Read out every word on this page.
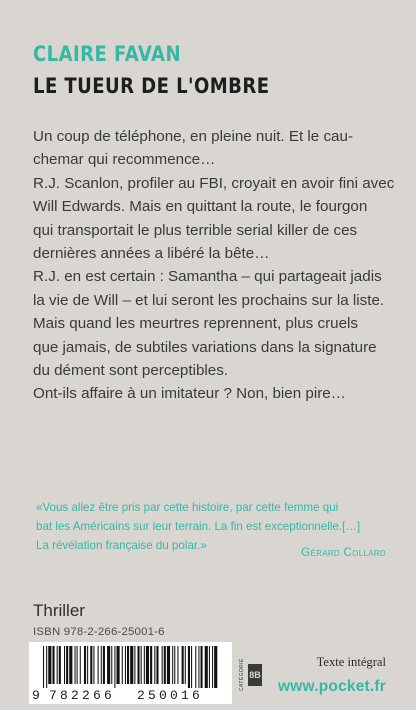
CLAIRE FAVAN
LE TUEUR DE L'OMBRE

Un coup de téléphone, en pleine nuit. Et le cau-

chemar qui recommence…

R.J. Scanlon, profiler au FBI, croyait en avoir fini avec

Will Edwards. Mais en quittant la route, le fourgon

qui transportait le plus terrible serial killer de ces

dernières années a libéré la bête…

R.J. en est certain : Samantha – qui partageait jadis

la vie de Will – et lui seront les prochains sur la liste.

Mais quand les meurtres reprennent, plus cruels

que jamais, de subtiles variations dans la signature

du dément sont perceptibles.

Ont-ils affaire à un imitateur ? Non, bien pire…

«Vous allez être pris par cette histoire, par cette femme qui

bat les Américains sur leur terrain. La fin est exceptionnelle.[…]

La révélation française du polar.»

Gérard Collard
Thriller
ISBN 978-2-266-25001-6
9 782266 250016
CATÉGORIE 8B
Texte intégral
www.pocket.fr
